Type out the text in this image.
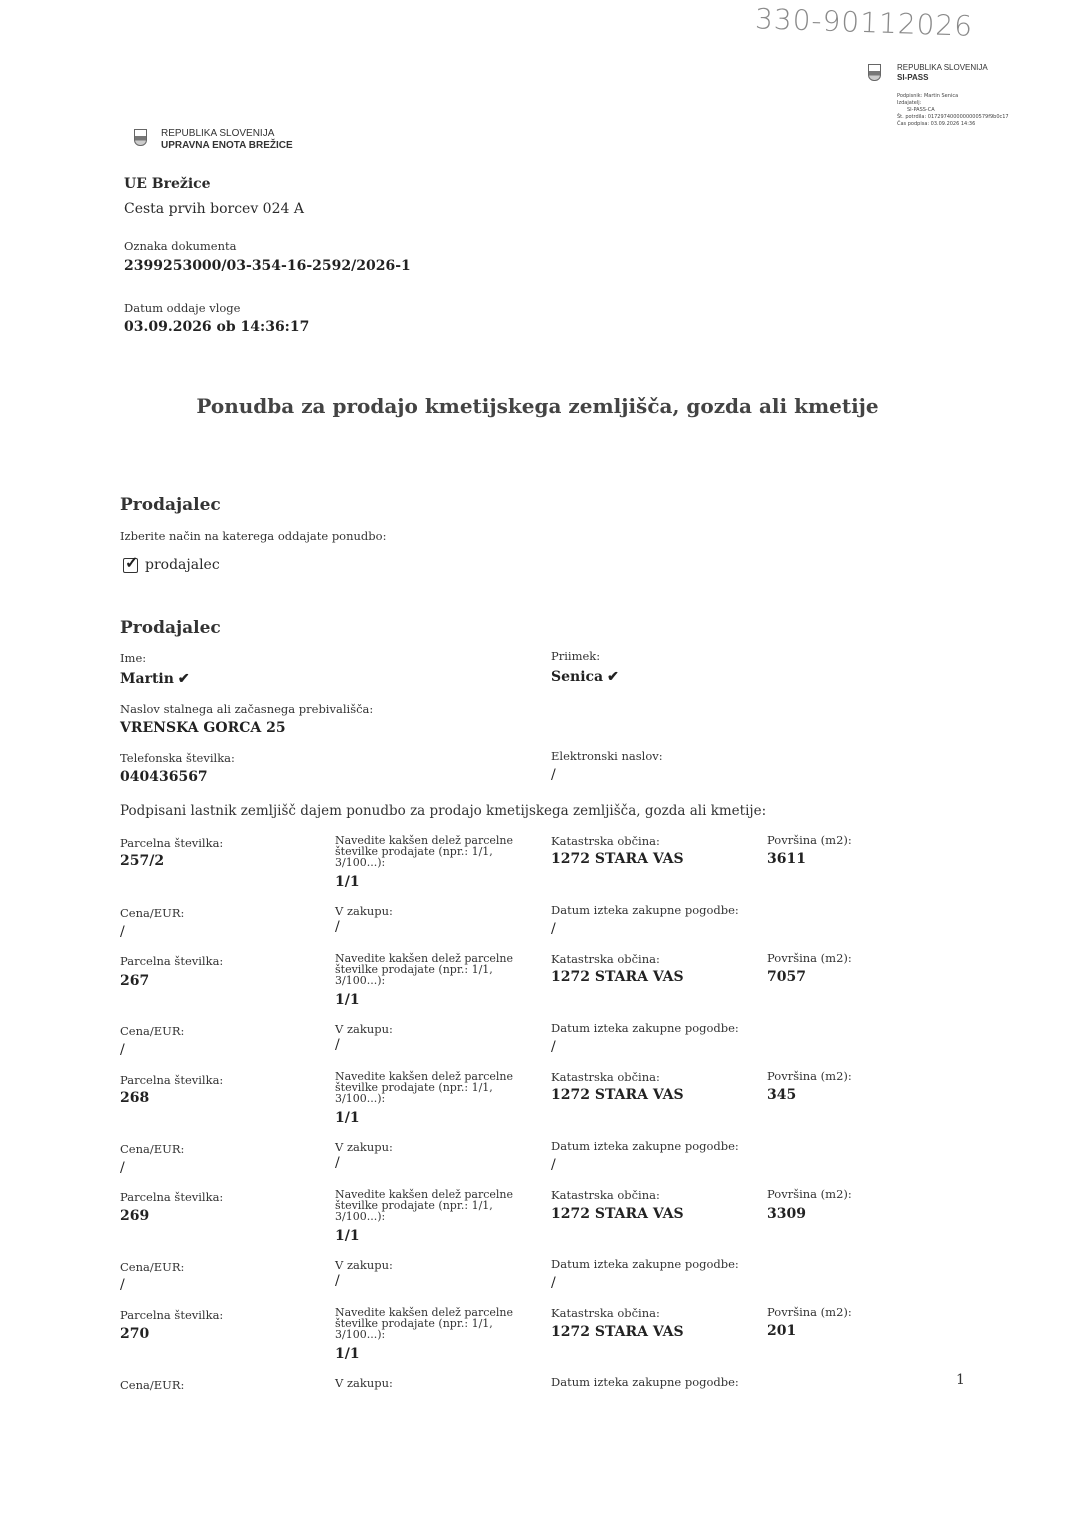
330-90112026
REPUBLIKA SLOVENIJA
SI-PASS
Podpisnik: Martin Senica
Izdajatelj:
SI-PASS-CA
Št. potrdila: 0172974000000000579f9b0c17
Čas podpisa: 03.09.2026 14:36
REPUBLIKA SLOVENIJA
UPRAVNA ENOTA BREŽICE
UE Brežice
Cesta prvih borcev 024 A
Oznaka dokumenta
2399253000/03-354-16-2592/2026-1
Datum oddaje vloge
03.09.2026 ob 14:36:17
Ponudba za prodajo kmetijskega zemljišča, gozda ali kmetije
Prodajalec
Izberite način na katerega oddajate ponudbo:
✓
prodajalec
Prodajalec
Ime:
Martin ✔
Priimek:
Senica ✔
Naslov stalnega ali začasnega prebivališča:
VRENSKA GORCA 25
Telefonska številka:
040436567
Elektronski naslov:
/
Podpisani lastnik zemljišč dajem ponudbo za prodajo kmetijskega zemljišča, gozda ali kmetije:
Parcelna številka:
257/2
Navedite kakšen delež parcelne številke prodajate (npr.: 1/1, 3/100...):
1/1
Katastrska občina:
1272 STARA VAS
Površina (m2):
3611
Cena/EUR:
/
V zakupu:
/
Datum izteka zakupne pogodbe:
/
Parcelna številka:
267
Navedite kakšen delež parcelne številke prodajate (npr.: 1/1, 3/100...):
1/1
Katastrska občina:
1272 STARA VAS
Površina (m2):
7057
Cena/EUR:
/
V zakupu:
/
Datum izteka zakupne pogodbe:
/
Parcelna številka:
268
Navedite kakšen delež parcelne številke prodajate (npr.: 1/1, 3/100...):
1/1
Katastrska občina:
1272 STARA VAS
Površina (m2):
345
Cena/EUR:
/
V zakupu:
/
Datum izteka zakupne pogodbe:
/
Parcelna številka:
269
Navedite kakšen delež parcelne številke prodajate (npr.: 1/1, 3/100...):
1/1
Katastrska občina:
1272 STARA VAS
Površina (m2):
3309
Cena/EUR:
/
V zakupu:
/
Datum izteka zakupne pogodbe:
/
Parcelna številka:
270
Navedite kakšen delež parcelne številke prodajate (npr.: 1/1, 3/100...):
1/1
Katastrska občina:
1272 STARA VAS
Površina (m2):
201
Cena/EUR:	V zakupu:	Datum izteka zakupne pogodbe:	1
